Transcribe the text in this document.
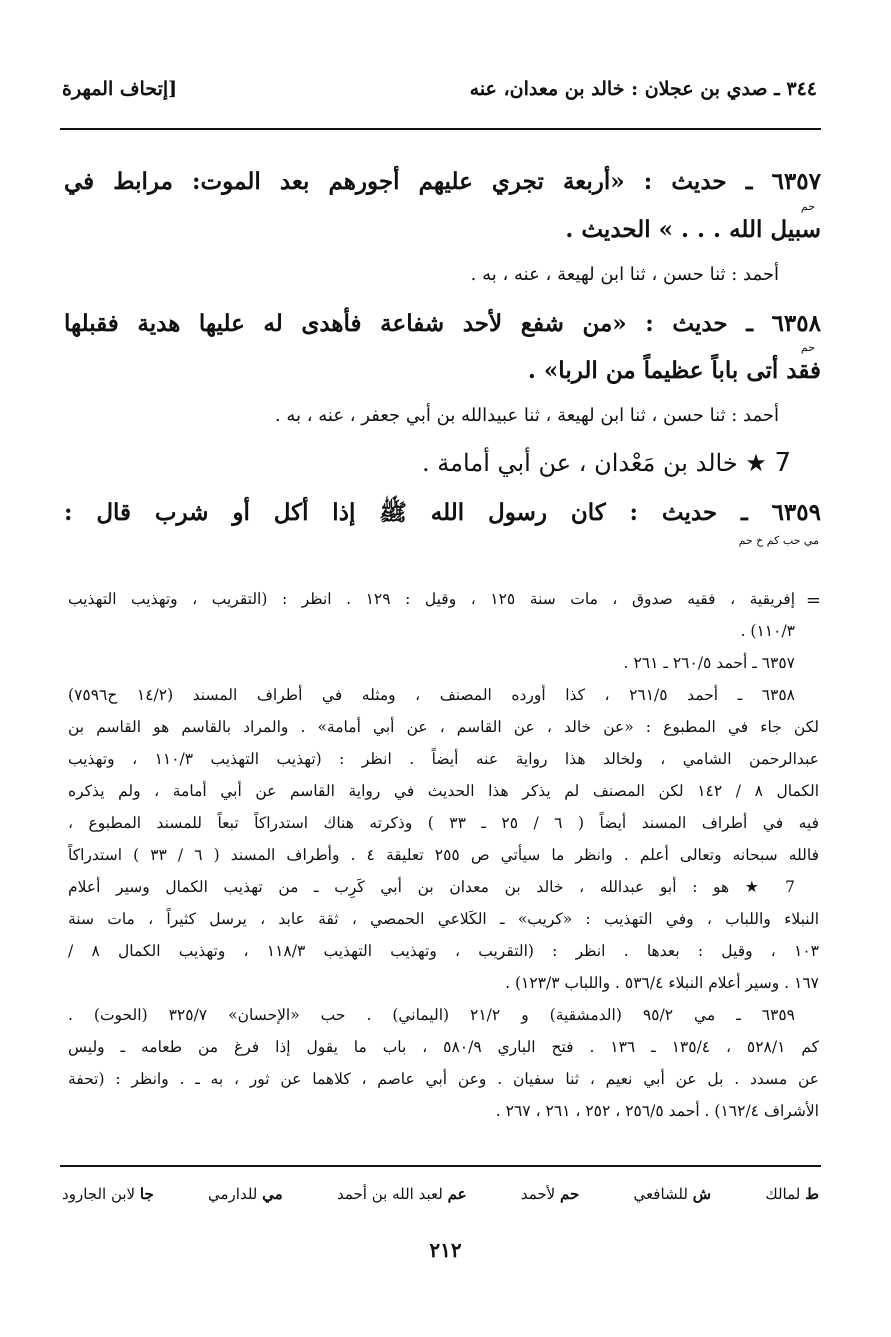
٣٤٤ ـ صدي بن عجلان : خالد بن معدان، عنه
[إتحاف المهرة
٦٣٥٧ ـ حديث : «أربعة تجري عليهم أجورهم بعد الموت: مرابط في
حم
سبيل الله . . . » الحديث .
أحمد : ثنا حسن ، ثنا ابن لهيعة ، عنه ، به .
٦٣٥٨ ـ حديث : «من شفع لأحد شفاعة فأهدى له عليها هدية فقبلها
حم
فقد أتى باباً عظيماً من الربا» .
أحمد : ثنا حسن ، ثنا ابن لهيعة ، ثنا عبيدالله بن أبي جعفر ، عنه ، به .
7 ★ خالد بن مَعْدان ، عن أبي أمامة .
٦٣٥٩ ـ حديث : كان رسول الله ﷺ إذا أكل أو شرب قال :
مي حب كم خ حم
=
إفريقية ، فقيه صدوق ، مات سنة ١٢٥ ، وقيل : ١٢٩ . انظر : (التقريب ، وتهذيب التهذيب
١١٠/٣) .
٦٣٥٧ ـ أحمد ٢٦٠/٥ ـ ٢٦١ .
٦٣٥٨ ـ أحمد ٢٦١/٥ ، كذا أورده المصنف ، ومثله في أطراف المسند (١٤/٢ ح٧٥٩٦)
لكن جاء في المطبوع : «عن خالد ، عن القاسم ، عن أبي أمامة» . والمراد بالقاسم هو القاسم بن
عبدالرحمن الشامي ، ولخالد هذا رواية عنه أيضاً . انظر : (تهذيب التهذيب ١١٠/٣ ، وتهذيب
الكمال ٨ / ١٤٢ لكن المصنف لم يذكر هذا الحديث في رواية القاسم عن أبي أمامة ، ولم يذكره
فيه في أطراف المسند أيضاً ( ٦ / ٢٥ ـ ٣٣ ) وذكرته هناك استدراكاً تبعاً للمسند المطبوع ،
فالله سبحانه وتعالى أعلم . وانظر ما سيأتي ص ٢٥٥ تعليقة ٤ . وأطراف المسند ( ٦ / ٣٣ ) استدراكاً
7 ★ هو : أبو عبدالله ، خالد بن معدان بن أبي كَرِب ـ من تهذيب الكمال وسير أعلام
النبلاء واللباب ، وفي التهذيب : «كريب» ـ الكَلاعي الحمصي ، ثقة عابد ، يرسل كثيراً ، مات سنة
١٠٣ ، وقيل : بعدها . انظر : (التقريب ، وتهذيب التهذيب ١١٨/٣ ، وتهذيب الكمال ٨ /
١٦٧ . وسير أعلام النبلاء ٥٣٦/٤ . واللباب ١٢٣/٣) .
٦٣٥٩ ـ مي ٩٥/٢ (الدمشقية) و ٢١/٢ (اليماني) . حب «الإحسان» ٣٢٥/٧ (الحوت) .
كم ٥٢٨/١ ، ١٣٥/٤ ـ ١٣٦ . فتح الباري ٥٨٠/٩ ، باب ما يقول إذا فرغ من طعامه ـ وليس
عن مسدد . بل عن أبي نعيم ، ثنا سفيان . وعن أبي عاصم ، كلاهما عن ثور ، به ـ . وانظر : (تحفة
الأشراف ١٦٢/٤) . أحمد ٢٥٦/٥ ، ٢٥٢ ، ٢٦١ ، ٢٦٧ .
ط لمالك
ش للشافعي
حم لأحمد
عم لعبد الله بن أحمد
مي للدارمي
جا لابن الجارود
٢١٢
